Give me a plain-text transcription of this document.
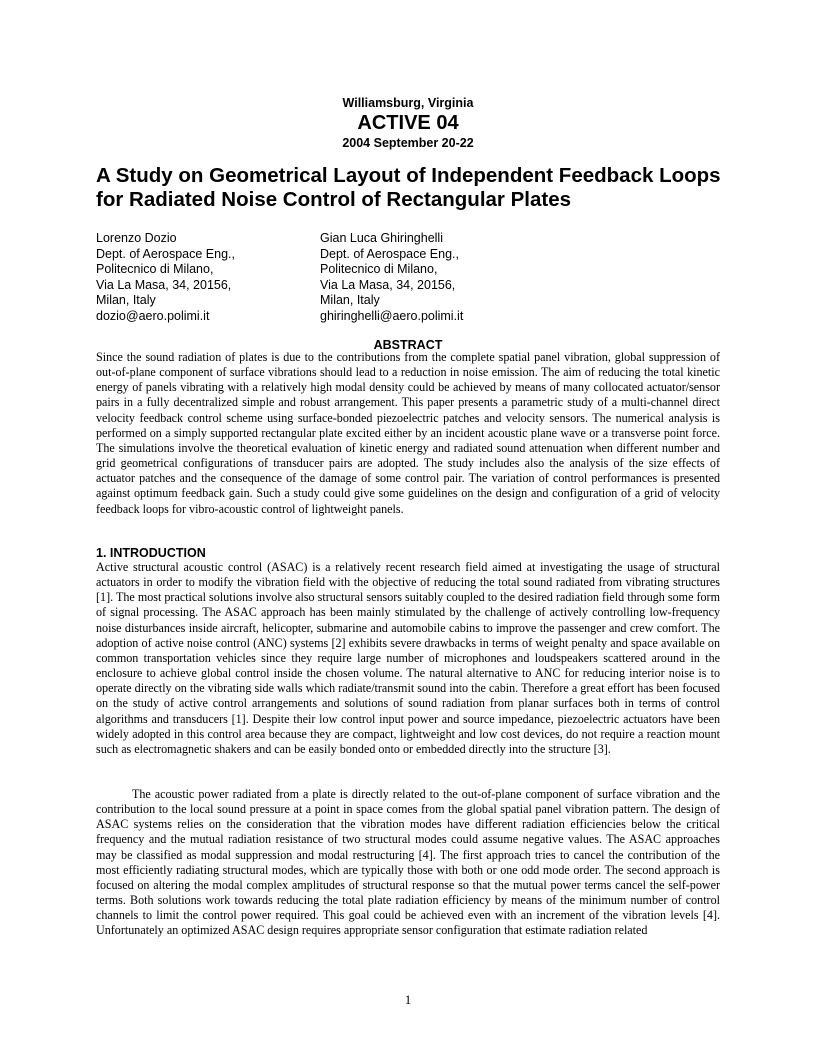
Williamsburg, Virginia
ACTIVE 04
2004 September 20-22
A Study on Geometrical Layout of Independent Feedback Loops for Radiated Noise Control of Rectangular Plates
Lorenzo Dozio
Dept. of Aerospace Eng.,
Politecnico di Milano,
Via La Masa, 34, 20156,
Milan, Italy
dozio@aero.polimi.it
Gian Luca Ghiringhelli
Dept. of Aerospace Eng.,
Politecnico di Milano,
Via La Masa, 34, 20156,
Milan, Italy
ghiringhelli@aero.polimi.it
ABSTRACT

Since the sound radiation of plates is due to the contributions from the complete spatial panel vibration, global suppression of out-of-plane component of surface vibrations should lead to a reduction in noise emission. The aim of reducing the total kinetic energy of panels vibrating with a relatively high modal density could be achieved by means of many collocated actuator/sensor pairs in a fully decentralized simple and robust arrangement. This paper presents a parametric study of a multi-channel direct velocity feedback control scheme using surface-bonded piezoelectric patches and velocity sensors. The numerical analysis is performed on a simply supported rectangular plate excited either by an incident acoustic plane wave or a transverse point force. The simulations involve the theoretical evaluation of kinetic energy and radiated sound attenuation when different number and grid geometrical configurations of transducer pairs are adopted. The study includes also the analysis of the size effects of actuator patches and the consequence of the damage of some control pair. The variation of control performances is presented against optimum feedback gain. Such a study could give some guidelines on the design and configuration of a grid of velocity feedback loops for vibro-acoustic control of lightweight panels.

1. INTRODUCTION

Active structural acoustic control (ASAC) is a relatively recent research field aimed at investigating the usage of structural actuators in order to modify the vibration field with the objective of reducing the total sound radiated from vibrating structures [1]. The most practical solutions involve also structural sensors suitably coupled to the desired radiation field through some form of signal processing. The ASAC approach has been mainly stimulated by the challenge of actively controlling low-frequency noise disturbances inside aircraft, helicopter, submarine and automobile cabins to improve the passenger and crew comfort. The adoption of active noise control (ANC) systems [2] exhibits severe drawbacks in terms of weight penalty and space available on common transportation vehicles since they require large number of microphones and loudspeakers scattered around in the enclosure to achieve global control inside the chosen volume. The natural alternative to ANC for reducing interior noise is to operate directly on the vibrating side walls which radiate/transmit sound into the cabin. Therefore a great effort has been focused on the study of active control arrangements and solutions of sound radiation from planar surfaces both in terms of control algorithms and transducers [1]. Despite their low control input power and source impedance, piezoelectric actuators have been widely adopted in this control area because they are compact, lightweight and low cost devices, do not require a reaction mount such as electromagnetic shakers and can be easily bonded onto or embedded directly into the structure [3].

The acoustic power radiated from a plate is directly related to the out-of-plane component of surface vibration and the contribution to the local sound pressure at a point in space comes from the global spatial panel vibration pattern. The design of ASAC systems relies on the consideration that the vibration modes have different radiation efficiencies below the critical frequency and the mutual radiation resistance of two structural modes could assume negative values. The ASAC approaches may be classified as modal suppression and modal restructuring [4]. The first approach tries to cancel the contribution of the most efficiently radiating structural modes, which are typically those with both or one odd mode order. The second approach is focused on altering the modal complex amplitudes of structural response so that the mutual power terms cancel the self-power terms. Both solutions work towards reducing the total plate radiation efficiency by means of the minimum number of control channels to limit the control power required. This goal could be achieved even with an increment of the vibration levels [4]. Unfortunately an optimized ASAC design requires appropriate sensor configuration that estimate radiation related

1
